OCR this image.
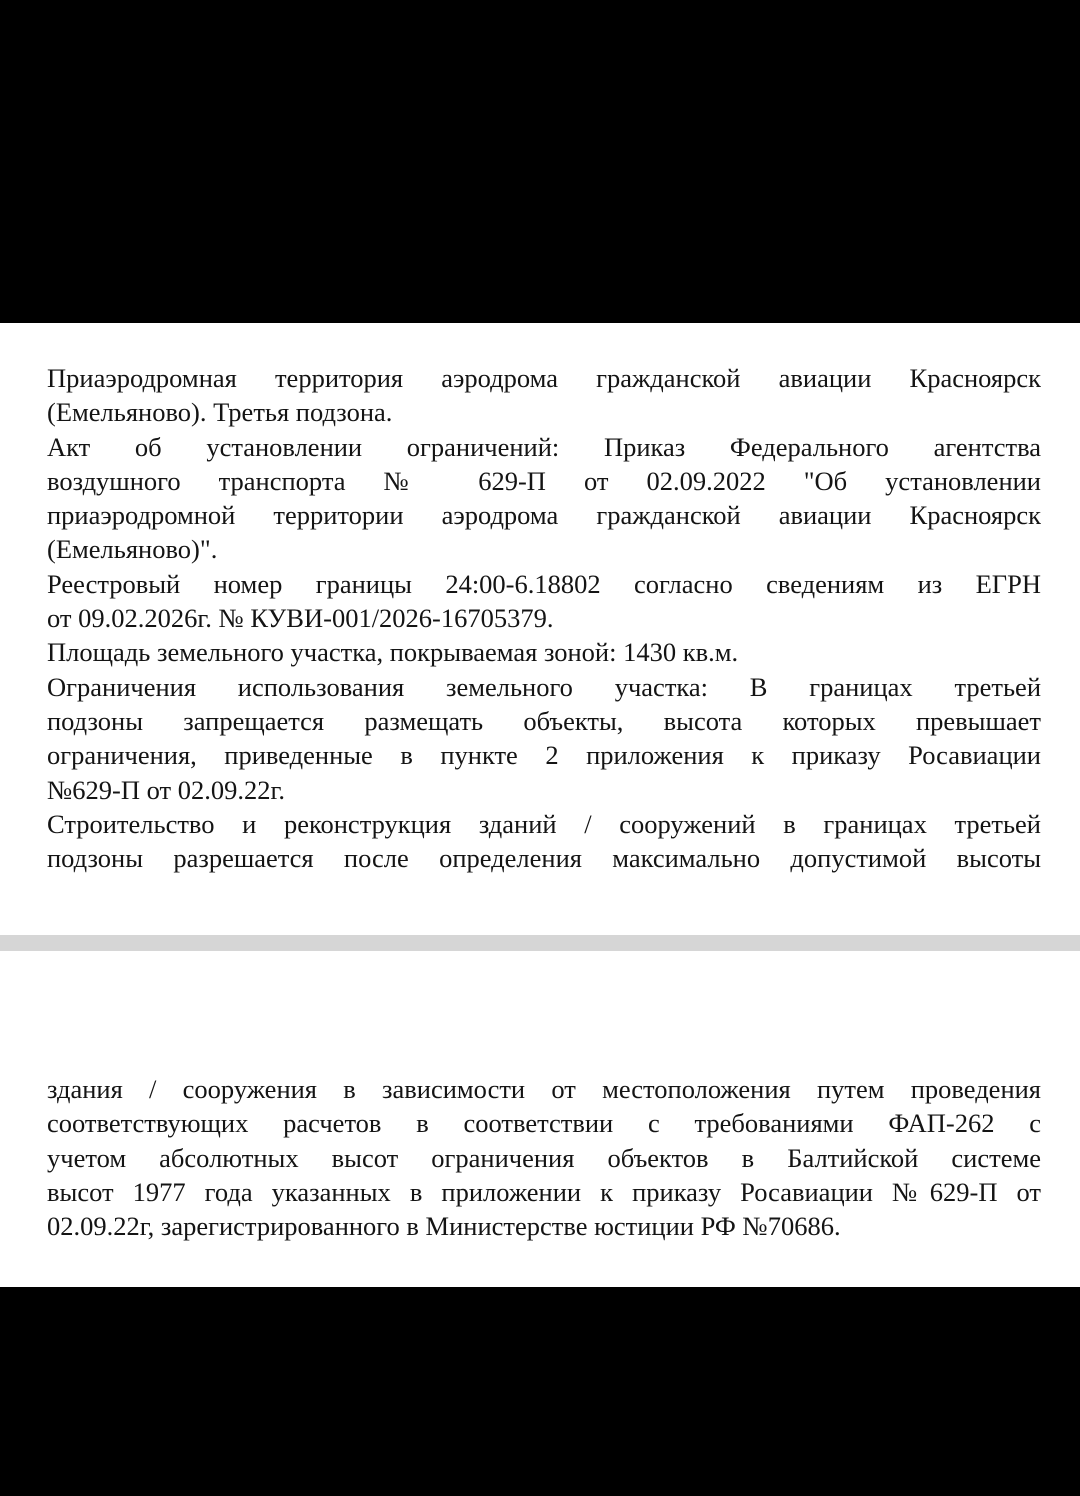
Приаэродромная территория аэродрома гражданской авиации Красноярск
(Емельяново). Третья подзона.
Акт об установлении ограничений: Приказ Федерального агентства
воздушного транспорта № 629-П от 02.09.2022 "Об установлении
приаэродромной территории аэродрома гражданской авиации Красноярск
(Емельяново)".
Реестровый номер границы 24:00-6.18802 согласно сведениям из ЕГРН
от 09.02.2026г. № КУВИ-001/2026-16705379.
Площадь земельного участка, покрываемая зоной: 1430 кв.м.
Ограничения использования земельного участка: В границах третьей
подзоны запрещается размещать объекты, высота которых превышает
ограничения, приведенные в пункте 2 приложения к приказу Росавиации
№629-П от 02.09.22г.
Строительство и реконструкция зданий / сооружений в границах третьей
подзоны разрешается после определения максимально допустимой высоты
здания / сооружения в зависимости от местоположения путем проведения
соответствующих расчетов в соответствии с требованиями ФАП-262 с
учетом абсолютных высот ограничения объектов в Балтийской системе
высот 1977 года указанных в приложении к приказу Росавиации №629-П от
02.09.22г, зарегистрированного в Министерстве юстиции РФ №70686.
